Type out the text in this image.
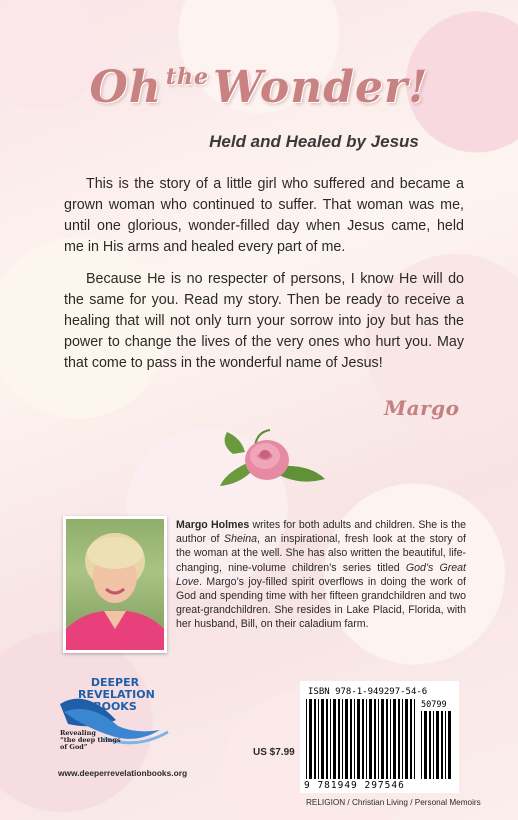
Oh theWonder!
Held and Healed by Jesus

This is the story of a little girl who suffered and became a grown woman who continued to suffer. That woman was me, until one glorious, wonder-filled day when Jesus came, held me in His arms and healed every part of me.

Because He is no respecter of persons, I know He will do the same for you. Read my story. Then be ready to receive a healing that will not only turn your sorrow into joy but has the power to change the lives of the very ones who hurt you. May that come to pass in the wonderful name of Jesus!

Margo
Margo Holmes writes for both adults and children. She is the author of Sheina, an inspirational, fresh look at the story of the woman at the well. She has also written the beautiful, life-changing, nine-volume children’s series titled God’s Great Love. Margo’s joy-filled spirit overflows in doing the work of God and spending time with her fifteen grandchildren and two great-grandchildren. She resides in Lake Placid, Florida, with her husband, Bill, on their caladium farm.
DEEPER
REVELATION
BOOKS
Revealing
“the deep things
of God”
www.deeperrevelationbooks.org
US $7.99
ISBN 978-1-949297-54-6
50799
9 781949 297546
RELIGION / Christian Living / Personal Memoirs
